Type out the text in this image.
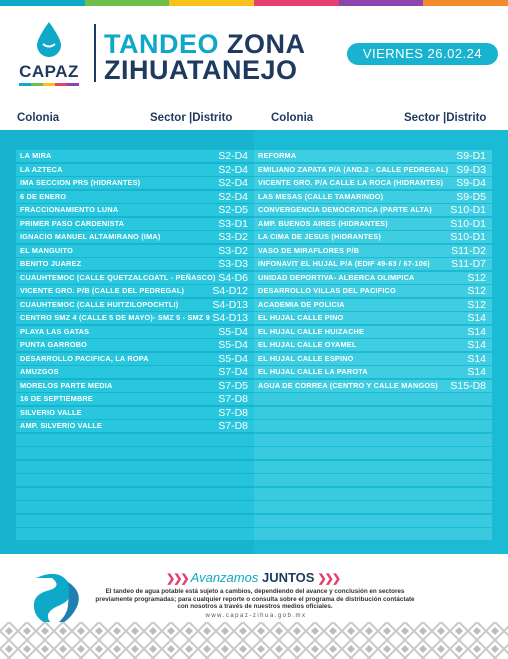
CAPAZ
TANDEO ZONA
ZIHUATANEJO
VIERNES 26.02.24
Colonia	Sector |Distrito	Colonia	Sector |Distrito
LA MIRA	S2-D4
LA AZTECA	S2-D4
IMA SECCION PRS (HIDRANTES)	S2-D4
6 DE ENERO	S2-D4
FRACCIONAMIENTO LUNA	S2-D5
PRIMER PASO CARDENISTA	S3-D1
IGNACIO MANUEL ALTAMIRANO (IMA)	S3-D2
EL MANGUITO	S3-D2
BENITO JUAREZ	S3-D3
CUAUHTEMOC (CALLE QUETZALCOATL - PEÑASCO) S4-D6
VICENTE GRO. P/B (CALLE DEL PEDREGAL)	S4-D12
CUAUHTEMOC (CALLE HUITZILOPOCHTLI)	S4-D13
CENTRO SMZ 4 (CALLE 5 DE MAYO)- SMZ 5 - SMZ 9 S4-D13
PLAYA LAS GATAS	S5-D4
PUNTA GARROBO	S5-D4
DESARROLLO PACIFICA, LA ROPA	S5-D4
AMUZGOS	S7-D4
MORELOS PARTE MEDIA	S7-D5
16 DE SEPTIEMBRE	S7-D8
SILVERIO VALLE	S7-D8
AMP. SILVERIO VALLE	S7-D8
REFORMA	S9-D1
EMILIANO ZAPATA P/A (AND.2 - CALLE PEDREGAL) S9-D3
VICENTE GRO. P/A CALLE LA ROCA (HIDRANTES) S9-D4
LAS MESAS (CALLE TAMARINDO)	S9-D5
CONVERGENCIA DEMOCRATICA (PARTE ALTA) S10-D1
AMP. BUENOS AIRES (HIDRANTES)	S10-D1
LA CIMA DE JESUS (HIDRANTES)	S10-D1
VASO DE MIRAFLORES P/B	S11-D2
INFONAVIT EL HUJAL P/A (EDIF 49-63 / 67-106) S11-D7
UNIDAD DEPORTIVA- ALBERCA OLIMPICA	S12
DESARROLLO VILLAS DEL PACIFICO	S12
ACADEMIA DE POLICIA	S12
EL HUJAL CALLE PINO	S14
EL HUJAL CALLE HUIZACHE	S14
EL HUJAL CALLE OYAMEL	S14
EL HUJAL CALLE ESPINO	S14
EL HUJAL CALLE LA PAROTA	S14
AGUA DE CORREA (CENTRO Y CALLE MANGOS) S15-D8
❯❯❯ Avanzamos JUNTOS ❯❯❯
El tandeo de agua potable está sujeto a cambios, dependiendo del avance y conclusión en sectores previamente programadas; para cualquier reporte o consulta sobre el programa de distribución contáctate con nosotros a través de nuestros medios oficiales.
www.capaz-zihua.gob.mx
